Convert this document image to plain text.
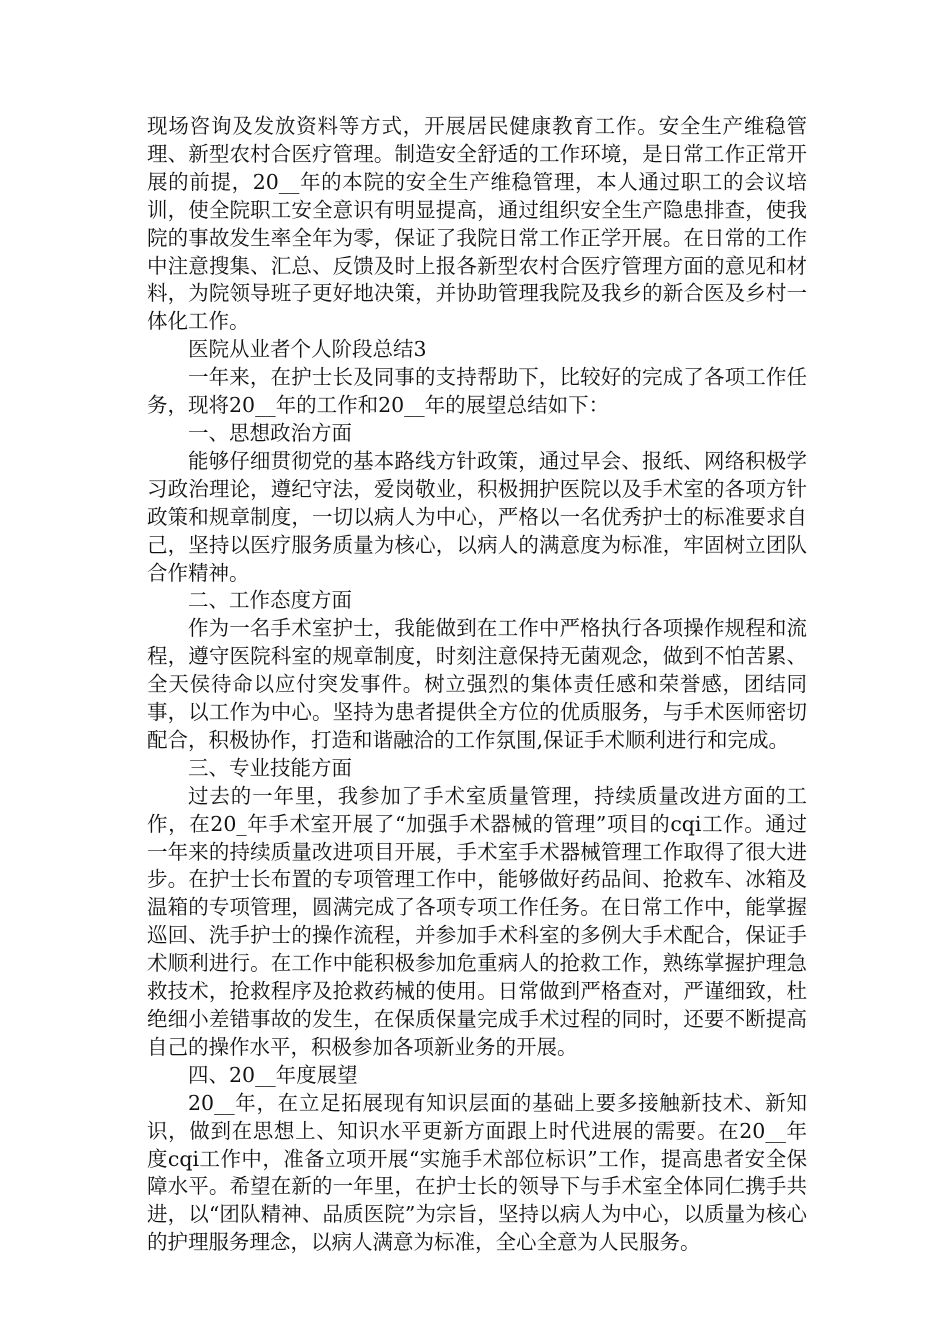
现场咨询及发放资料等方式，开展居民健康教育工作。安全生产维稳管理、新型农村合医疗管理。制造安全舒适的工作环境，是日常工作正常开展的前提，20__年的本院的安全生产维稳管理，本人通过职工的会议培训，使全院职工安全意识有明显提高，通过组织安全生产隐患排查，使我院的事故发生率全年为零，保证了我院日常工作正学开展。在日常的工作中注意搜集、汇总、反馈及时上报各新型农村合医疗管理方面的意见和材料，为院领导班子更好地决策，并协助管理我院及我乡的新合医及乡村一体化工作。

医院从业者个人阶段总结3

一年来，在护士长及同事的支持帮助下，比较好的完成了各项工作任务，现将20__年的工作和20__年的展望总结如下：

一、思想政治方面

能够仔细贯彻党的基本路线方针政策，通过早会、报纸、网络积极学习政治理论，遵纪守法，爱岗敬业，积极拥护医院以及手术室的各项方针政策和规章制度，一切以病人为中心，严格以一名优秀护士的标准要求自己，坚持以医疗服务质量为核心，以病人的满意度为标准，牢固树立团队合作精神。

二、工作态度方面

作为一名手术室护士，我能做到在工作中严格执行各项操作规程和流程，遵守医院科室的规章制度，时刻注意保持无菌观念，做到不怕苦累、全天侯待命以应付突发事件。树立强烈的集体责任感和荣誉感，团结同事，以工作为中心。坚持为患者提供全方位的优质服务，与手术医师密切配合，积极协作，打造和谐融洽的工作氛围,保证手术顺利进行和完成。

三、专业技能方面

过去的一年里，我参加了手术室质量管理，持续质量改进方面的工作，在20_年手术室开展了“加强手术器械的管理”项目的cqi工作。通过一年来的持续质量改进项目开展，手术室手术器械管理工作取得了很大进步。在护士长布置的专项管理工作中，能够做好药品间、抢救车、冰箱及温箱的专项管理，圆满完成了各项专项工作任务。在日常工作中，能掌握巡回、洗手护士的操作流程，并参加手术科室的多例大手术配合，保证手术顺利进行。在工作中能积极参加危重病人的抢救工作，熟练掌握护理急救技术，抢救程序及抢救药械的使用。日常做到严格查对，严谨细致，杜绝细小差错事故的发生，在保质保量完成手术过程的同时，还要不断提高自己的操作水平，积极参加各项新业务的开展。

四、20__年度展望

20__年，在立足拓展现有知识层面的基础上要多接触新技术、新知识，做到在思想上、知识水平更新方面跟上时代进展的需要。在20__年度cqi工作中，准备立项开展“实施手术部位标识”工作，提高患者安全保障水平。希望在新的一年里，在护士长的领导下与手术室全体同仁携手共进，以“团队精神、品质医院”为宗旨，坚持以病人为中心，以质量为核心的护理服务理念，以病人满意为标准，全心全意为人民服务。
